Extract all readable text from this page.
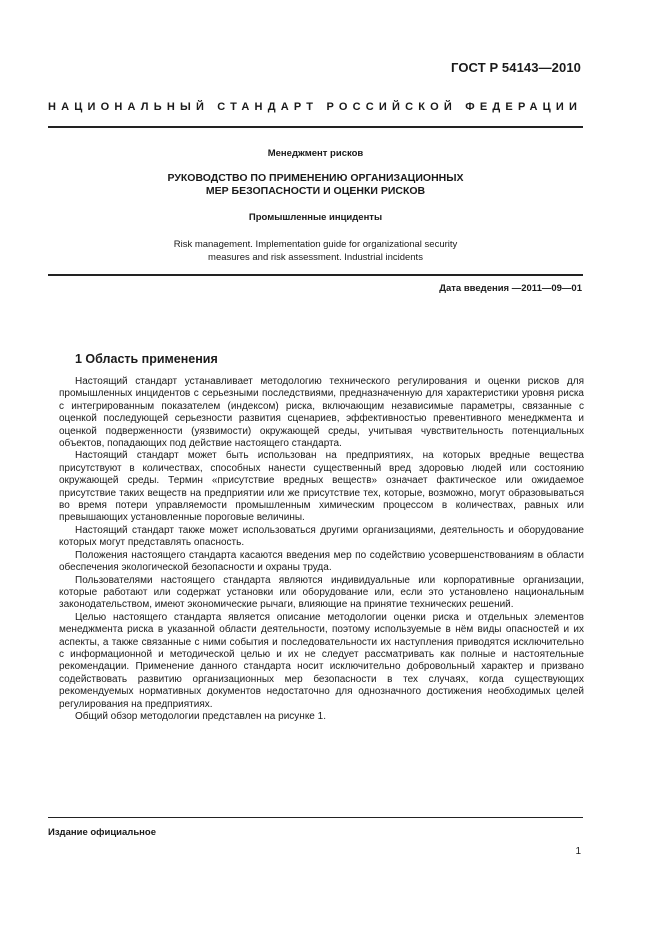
ГОСТ Р 54143—2010
НАЦИОНАЛЬНЫЙ СТАНДАРТ РОССИЙСКОЙ ФЕДЕРАЦИИ
Менеджмент рисков
РУКОВОДСТВО ПО ПРИМЕНЕНИЮ ОРГАНИЗАЦИОННЫХ
МЕР БЕЗОПАСНОСТИ И ОЦЕНКИ РИСКОВ
Промышленные инциденты
Risk management. Implementation guide for organizational security
measures and risk assessment. Industrial incidents
Дата введения —2011—09—01
1 Область применения

Настоящий стандарт устанавливает методологию технического регулирования и оценки рисков для промышленных инцидентов с серьезными последствиями, предназначенную для характеристики уровня риска с интегрированным показателем (индексом) риска, включающим независимые параметры, связанные с оценкой последующей серьезности развития сценариев, эффективностью превентивного менеджмента и оценкой подверженности (уязвимости) окружающей среды, учитывая чувствительность потенциальных объектов, попадающих под действие настоящего стандарта.

Настоящий стандарт может быть использован на предприятиях, на которых вредные вещества присутствуют в количествах, способных нанести существенный вред здоровью людей или состоянию окружающей среды. Термин «присутствие вредных веществ» означает фактическое или ожидаемое присутствие таких веществ на предприятии или же присутствие тех, которые, возможно, могут образовываться во время потери управляемости промышленным химическим процессом в количествах, равных или превышающих установленные пороговые величины.

Настоящий стандарт также может использоваться другими организациями, деятельность и оборудование которых могут представлять опасность.

Положения настоящего стандарта касаются введения мер по содействию усовершенствованиям в области обеспечения экологической безопасности и охраны труда.

Пользователями настоящего стандарта являются индивидуальные или корпоративные организации, которые работают или содержат установки или оборудование или, если это установлено национальным законодательством, имеют экономические рычаги, влияющие на принятие технических решений.

Целью настоящего стандарта является описание методологии оценки риска и отдельных элементов менеджмента риска в указанной области деятельности, поэтому используемые в нём виды опасностей и их аспекты, а также связанные с ними события и последовательности их наступления приводятся исключительно с информационной и методической целью и их не следует рассматривать как полные и настоятельные рекомендации. Применение данного стандарта носит исключительно добровольный характер и призвано содействовать развитию организационных мер безопасности в тех случаях, когда существующих рекомендуемых нормативных документов недостаточно для однозначного достижения необходимых целей регулирования на предприятиях.

Общий обзор методологии представлен на рисунке 1.

Издание официальное
1
